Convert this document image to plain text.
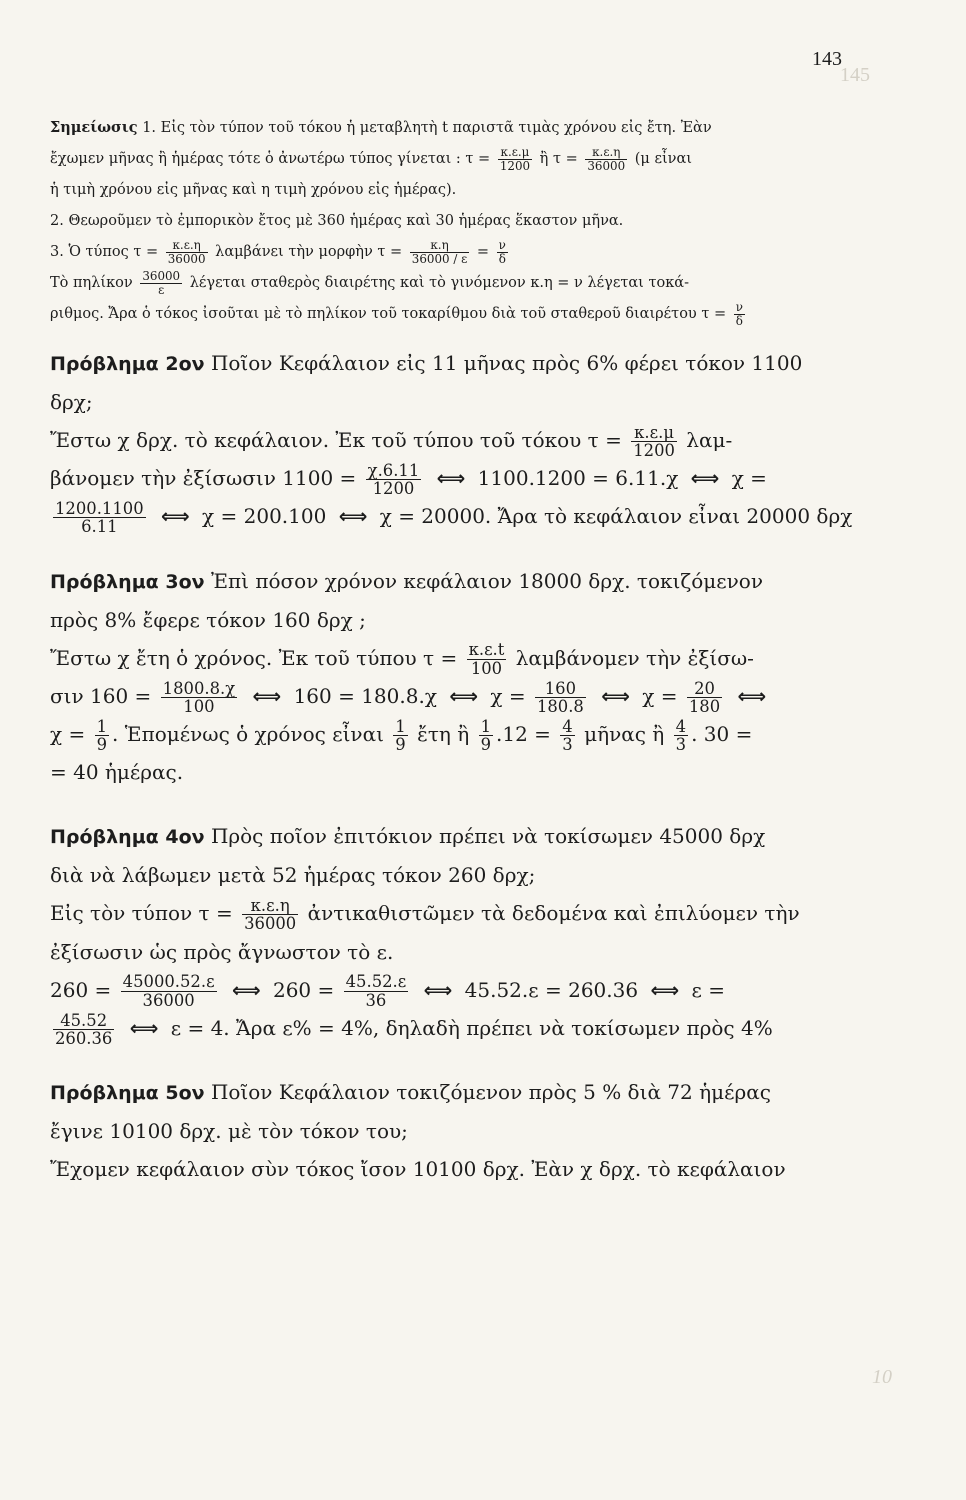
145
143
Σημείωσις 1. Εἰς τὸν τύπον τοῦ τόκου ἡ μεταβλητὴ t παριστᾶ τιμὰς χρόνου εἰς ἔτη. Ἐὰν
ἔχωμεν μῆνας ἢ ἡμέρας τότε ὁ ἀνωτέρω τύπος γίνεται : $\tau = \frac{\kappa.\varepsilon.\mu}{1200}$ ἢ $\tau = \frac{\kappa.\varepsilon.\eta}{36000} (\mu$ εἶναι
ἡ τιμὴ χρόνου εἰς μῆνας καὶ η τιμὴ χρόνου εἰς ἡμέρας).
2. Θεωροῦμεν τὸ ἐμπορικὸν ἔτος μὲ 360 ἡμέρας καὶ 30 ἡμέρας ἕκαστον μῆνα.
3. Ὁ τύπος $\tau = \frac{\kappa.\varepsilon.\eta}{36000}$ λαμβάνει τὴν μορφὴν $\tau = \frac{\kappa.\eta}{36000 / \varepsilon} = \frac{\nu}{\delta}$
Τὸ πηλίκον $\frac{36000}{\varepsilon}$ λέγεται σταθερὸς διαιρέτης καὶ τὸ γινόμενον κ.η = ν λέγεται τοκά-
ριθμος. Ἄρα ὁ τόκος ἰσοῦται μὲ τὸ πηλίκον τοῦ τοκαρίθμου διὰ τοῦ σταθεροῦ διαιρέτου $\tau = \frac{\nu}{\delta}$
Πρόβλημα 2ον Ποῖον Κεφάλαιον εἰς 11 μῆνας πρὸς 6% φέρει τόκον 1100
δρχ;
Ἔστω χ δρχ. τὸ κεφάλαιον. Ἐκ τοῦ τύπου τοῦ τόκου $\tau = \frac{\kappa.\varepsilon.\mu}{1200} \lambda\alpha\mu-$
βάνομεν τὴν ἐξίσωσιν $1100 = \frac{\chi.6.11}{1200}$ ⟺ 1100.1200 = 6.11.χ ⟺ χ =
$\frac{1200.1100}{6.11}$ ⟺ χ = 200.100 ⟺ χ = 20000. Ἄρα τὸ κεφάλαιον εἶναι 20000 δρχ
Πρόβλημα 3ον Ἐπὶ πόσον χρόνον κεφάλαιον 18000 δρχ. τοκιζόμενον
πρὸς 8% ἔφερε τόκον 160 δρχ ;
Ἔστω χ ἔτη ὁ χρόνος. Ἐκ τοῦ τύπου $\tau = \frac{\kappa.\varepsilon.t}{100}$ λαμβάνομεν τὴν ἐξίσω-
σιν $160 = \frac{1800.8.\chi}{100}$ ⟺ 160 = 180.8.χ ⟺ $\chi = \frac{160}{180.8}$ ⟺ $\chi = \frac{20}{180}$ ⟺
$\chi = \frac{1}{9}$ . Ἑπομένως ὁ χρόνος εἶναι $\frac{1}{9}$ ἔτη ἢ $\frac{1}{9} .12 = \frac{4}{3}$ μῆνας ἢ $\frac{4}{3}$ . 30 =
= 40 ἡμέρας.
Πρόβλημα 4ον Πρὸς ποῖον ἐπιτόκιον πρέπει νὰ τοκίσωμεν 45000 δρχ
διὰ νὰ λάβωμεν μετὰ 52 ἡμέρας τόκον 260 δρχ;
Εἰς τὸν τύπον $\tau = \frac{\kappa.\varepsilon.\eta}{36000}$ ἀντικαθιστῶμεν τὰ δεδομένα καὶ ἐπιλύομεν τὴν
ἐξίσωσιν ὡς πρὸς ἄγνωστον τὸ ε.
$260 = \frac{45000.52.\varepsilon}{36000}$ ⟺ $260 = \frac{45.52.\varepsilon}{36}$ ⟺ 45.52.ε = 260.36 ⟺ ε =
$\frac{45.52}{260.36}$ ⟺ ε = 4. Ἄρα ε% = 4%, δηλαδὴ πρέπει νὰ τοκίσωμεν πρὸς 4%
Πρόβλημα 5ον Ποῖον Κεφάλαιον τοκιζόμενον πρὸς 5 % διὰ 72 ἡμέρας
ἔγινε 10100 δρχ. μὲ τὸν τόκον του;
Ἔχομεν κεφάλαιον σὺν τόκος ἴσον 10100 δρχ. Ἐὰν χ δρχ. τὸ κεφάλαιον
10
